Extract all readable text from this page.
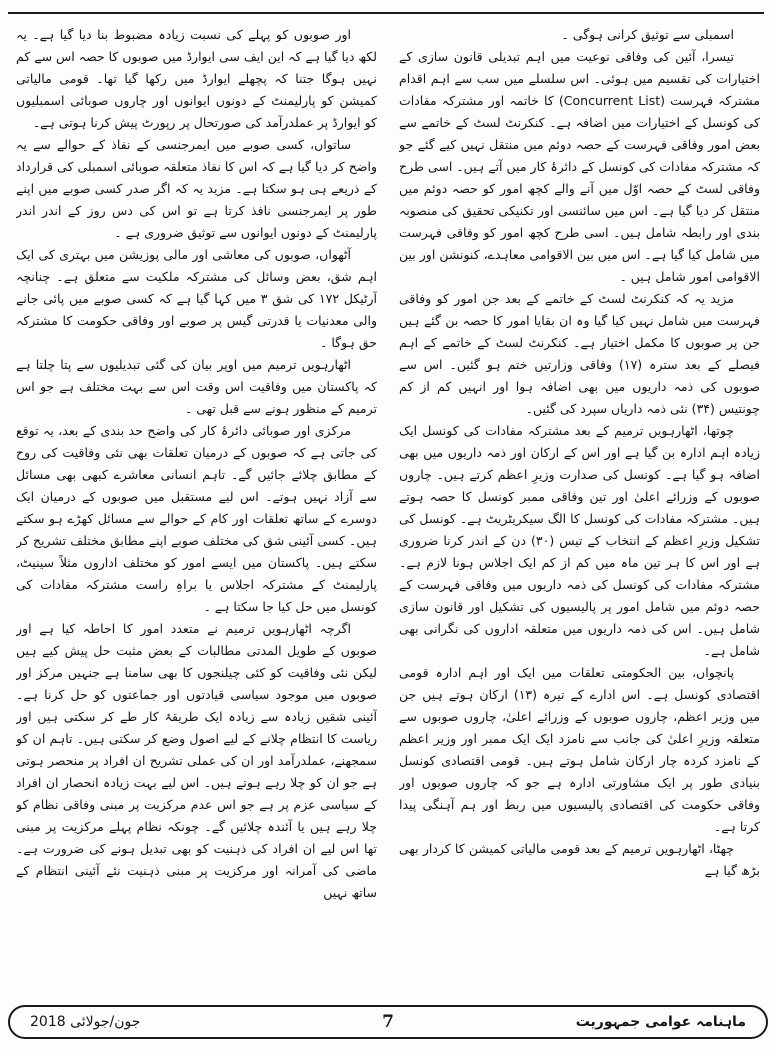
اسمبلی سے توثیق کرانی ہوگی ۔

تیسرا، آئین کی وفاقی نوعیت میں اہم تبدیلی قانون سازی کے اختیارات کی تقسیم میں ہوئی۔ اس سلسلے میں سب سے اہم اقدام مشترکہ فہرست (Concurrent List) کا خاتمہ اور مشترکہ مفادات کی کونسل کے اختیارات میں اضافہ ہے۔ کنکرنٹ لسٹ کے خاتمے سے بعض امور وفاقی فہرست کے حصہ دوئم میں منتقل نہیں کیے گئے جو کہ مشترکہ مفادات کی کونسل کے دائرۂ کار میں آتے ہیں۔ اسی طرح وفاقی لسٹ کے حصہ اوّل میں آنے والے کچھ امور کو حصہ دوئم میں منتقل کر دیا گیا ہے۔ اس میں سائنسی اور تکنیکی تحقیق کی منصوبہ بندی اور رابطہ شامل ہیں۔ اسی طرح کچھ امور کو وفاقی فہرست میں شامل کیا گیا ہے۔ اس میں بین الاقوامی معاہدے، کنونشن اور بین الاقوامی امور شامل ہیں ۔

مزید یہ کہ کنکرنٹ لسٹ کے خاتمے کے بعد جن امور کو وفاقی فہرست میں شامل نہیں کیا گیا وہ ان بقایا امور کا حصہ بن گئے ہیں جن پر صوبوں کا مکمل اختیار ہے۔ کنکرنٹ لسٹ کے خاتمے کے اہم فیصلے کے بعد سترہ (۱۷) وفاقی وزارتیں ختم ہو گئیں۔ اس سے صوبوں کی ذمہ داریوں میں بھی اضافہ ہوا اور انہیں کم از کم چونتیس (۳۴) نئی ذمہ داریاں سپرد کی گئیں۔

چوتھا، اٹھارہویں ترمیم کے بعد مشترکہ مفادات کی کونسل ایک زیادہ اہم ادارہ بن گیا ہے اور اس کے ارکان اور ذمہ داریوں میں بھی اضافہ ہو گیا ہے۔ کونسل کی صدارت وزیرِ اعظم کرتے ہیں۔ چاروں صوبوں کے وزرائے اعلیٰ اور تین وفاقی ممبر کونسل کا حصہ ہوتے ہیں۔ مشترکہ مفادات کی کونسل کا الگ سیکریٹریٹ ہے۔ کونسل کی تشکیل وزیرِ اعظم کے انتخاب کے تیس (۳۰) دن کے اندر کرنا ضروری ہے اور اس کا ہر تین ماہ میں کم از کم ایک اجلاس ہونا لازم ہے۔ مشترکہ مفادات کی کونسل کی ذمہ داریوں میں وفاقی فہرست کے حصہ دوئم میں شامل امور پر پالیسیوں کی تشکیل اور قانون سازی شامل ہیں۔ اس کی ذمہ داریوں میں متعلقہ اداروں کی نگرانی بھی شامل ہے۔

پانچواں، بین الحکومتی تعلقات میں ایک اور اہم ادارہ قومی اقتصادی کونسل ہے۔ اس ادارے کے تیرہ (۱۳) ارکان ہوتے ہیں جن میں وزیر اعظم، چاروں صوبوں کے وزرائے اعلیٰ، چاروں صوبوں سے متعلقہ وزیرِ اعلیٰ کی جانب سے نامزد ایک ایک ممبر اور وزیر اعظم کے نامزد کردہ چار ارکان شامل ہوتے ہیں۔ قومی اقتصادی کونسل بنیادی طور پر ایک مشاورتی ادارہ ہے جو کہ چاروں صوبوں اور وفاقی حکومت کی اقتصادی پالیسیوں میں ربط اور ہم آہنگی پیدا کرتا ہے۔

چھٹا، اٹھارہویں ترمیم کے بعد قومی مالیاتی کمیشن کا کردار بھی بڑھ گیا ہے

اور صوبوں کو پہلے کی نسبت زیادہ مضبوط بنا دیا گیا ہے۔ یہ لکھ دیا گیا ہے کہ این ایف سی ایوارڈ میں صوبوں کا حصہ اس سے کم نہیں ہوگا جتنا کہ پچھلے ایوارڈ میں رکھا گیا تھا۔ قومی مالیاتی کمیشن کو پارلیمنٹ کے دونوں ایوانوں اور چاروں صوبائی اسمبلیوں کو ایوارڈ پر عملدرآمد کی صورتحال پر رپورٹ پیش کرنا ہوتی ہے۔

ساتواں، کسی صوبے میں ایمرجنسی کے نفاذ کے حوالے سے یہ واضح کر دیا گیا ہے کہ اس کا نفاذ متعلقہ صوبائی اسمبلی کی قرارداد کے ذریعے ہی ہو سکتا ہے۔ مزید یہ کہ اگر صدر کسی صوبے میں اپنے طور پر ایمرجنسی نافذ کرتا ہے تو اس کی دس روز کے اندر اندر پارلیمنٹ کے دونوں ایوانوں سے توثیق ضروری ہے ۔

آٹھواں، صوبوں کی معاشی اور مالی پوزیشن میں بہتری کی ایک اہم شق، بعض وسائل کی مشترکہ ملکیت سے متعلق ہے۔ چنانچہ آرٹیکل ۱۷۲ کی شق ۳ میں کہا گیا ہے کہ کسی صوبے میں پائی جانے والی معدنیات یا قدرتی گیس پر صوبے اور وفاقی حکومت کا مشترکہ حق ہوگا ۔

اٹھارہویں ترمیم میں اوپر بیان کی گئی تبدیلیوں سے پتا چلتا ہے کہ پاکستان میں وفاقیت اس وقت اس سے بہت مختلف ہے جو اس ترمیم کے منظور ہونے سے قبل تھی ۔

مرکزی اور صوبائی دائرۂ کار کی واضح حد بندی کے بعد، یہ توقع کی جاتی ہے کہ صوبوں کے درمیان تعلقات بھی نئی وفاقیت کی روح کے مطابق چلائے جائیں گے۔ تاہم انسانی معاشرے کبھی بھی مسائل سے آزاد نہیں ہوتے۔ اس لیے مستقبل میں صوبوں کے درمیان ایک دوسرے کے ساتھ تعلقات اور کام کے حوالے سے مسائل کھڑے ہو سکتے ہیں۔ کسی آئینی شق کی مختلف صوبے اپنے مطابق مختلف تشریح کر سکتے ہیں۔ پاکستان میں ایسے امور کو مختلف اداروں مثلاً سینیٹ، پارلیمنٹ کے مشترکہ اجلاس یا براہِ راست مشترکہ مفادات کی کونسل میں حل کیا جا سکتا ہے ۔

اگرچہ اٹھارہویں ترمیم نے متعدد امور کا احاطہ کیا ہے اور صوبوں کے طویل المدتی مطالبات کے بعض مثبت حل پیش کیے ہیں لیکن نئی وفاقیت کو کئی چیلنجوں کا بھی سامنا ہے جنہیں مرکز اور صوبوں میں موجود سیاسی قیادتوں اور جماعتوں کو حل کرنا ہے۔ آئینی شقیں زیادہ سے زیادہ ایک طریقۂ کار طے کر سکتی ہیں اور ریاست کا انتظام چلانے کے لیے اصول وضع کر سکتی ہیں۔ تاہم ان کو سمجھنے، عملدرآمد اور ان کی عملی تشریح ان افراد پر منحصر ہوتی ہے جو ان کو چلا رہے ہوتے ہیں۔ اس لیے بہت زیادہ انحصار ان افراد کے سیاسی عزم پر ہے جو اس عدم مرکزیت پر مبنی وفاقی نظام کو چلا رہے ہیں یا آئندہ چلائیں گے۔ چونکہ نظام پہلے مرکزیت پر مبنی تھا اس لیے ان افراد کی ذہنیت کو بھی تبدیل ہونے کی ضرورت ہے۔ ماضی کی آمرانہ اور مرکزیت پر مبنی ذہنیت نئے آئینی انتظام کے ساتھ نہیں

ماہنامہ عوامی جمہوریت
7
جون/جولائی 2018
